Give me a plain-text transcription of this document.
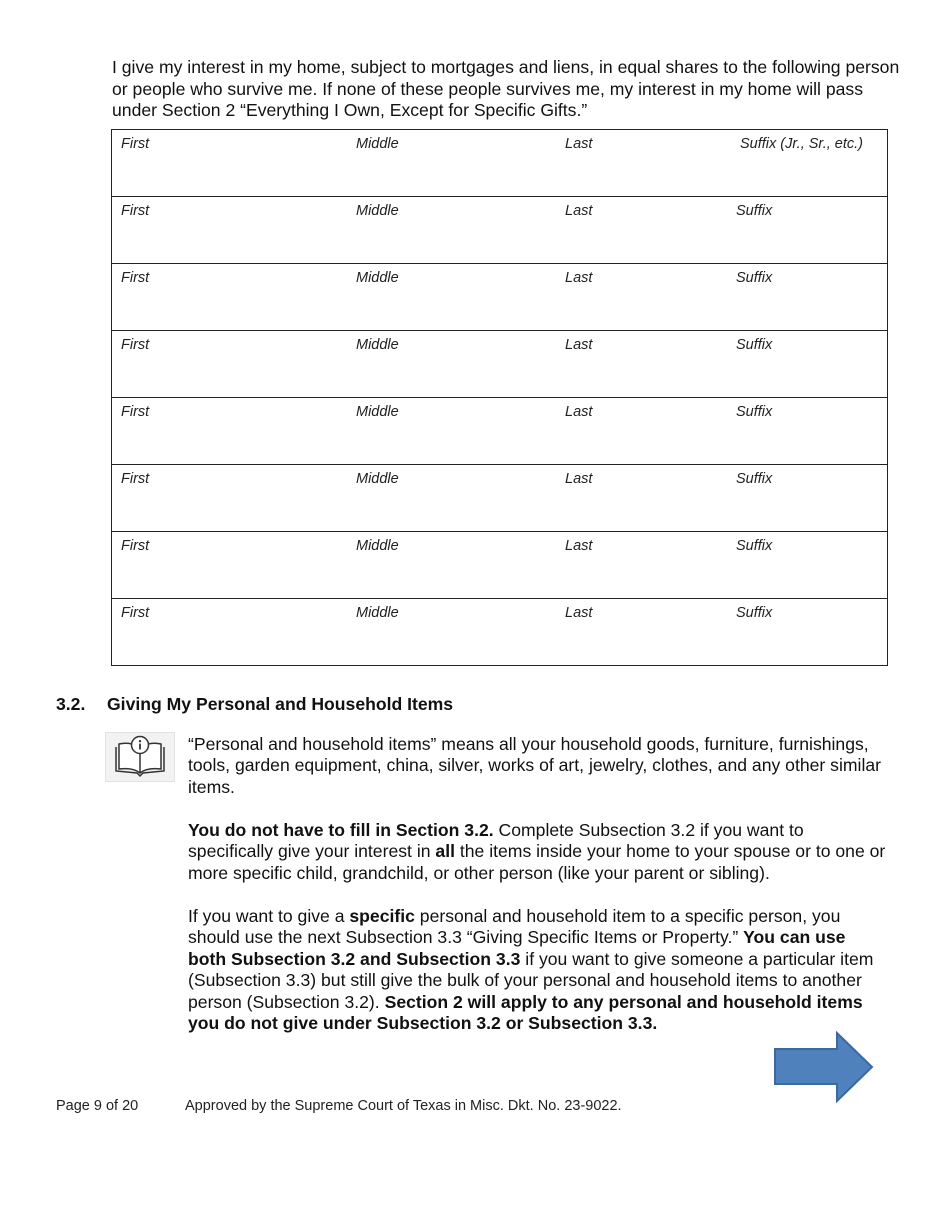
I give my interest in my home, subject to mortgages and liens, in equal shares to the following person or people who survive me. If none of these people survives me, my interest in my home will pass under Section 2 “Everything I Own, Except for Specific Gifts.”

First	Middle	Last	Suffix (Jr., Sr., etc.)

First	Middle	Last	Suffix

First	Middle	Last	Suffix

First	Middle	Last	Suffix

First	Middle	Last	Suffix

First	Middle	Last	Suffix

First	Middle	Last	Suffix

First	Middle	Last	Suffix
3.2. Giving My Personal and Household Items

“Personal and household items” means all your household goods, furniture, furnishings, tools, garden equipment, china, silver, works of art, jewelry, clothes, and any other similar items.

You do not have to fill in Section 3.2. Complete Subsection 3.2 if you want to specifically give your interest in all the items inside your home to your spouse or to one or more specific child, grandchild, or other person (like your parent or sibling).

If you want to give a specific personal and household item to a specific person, you should use the next Subsection 3.3 “Giving Specific Items or Property.” You can use both Subsection 3.2 and Subsection 3.3 if you want to give someone a particular item (Subsection 3.3) but still give the bulk of your personal and household items to another person (Subsection 3.2). Section 2 will apply to any personal and household items you do not give under Subsection 3.2 or Subsection 3.3.

Page 9 of 20	Approved by the Supreme Court of Texas in Misc. Dkt. No. 23-9022.
